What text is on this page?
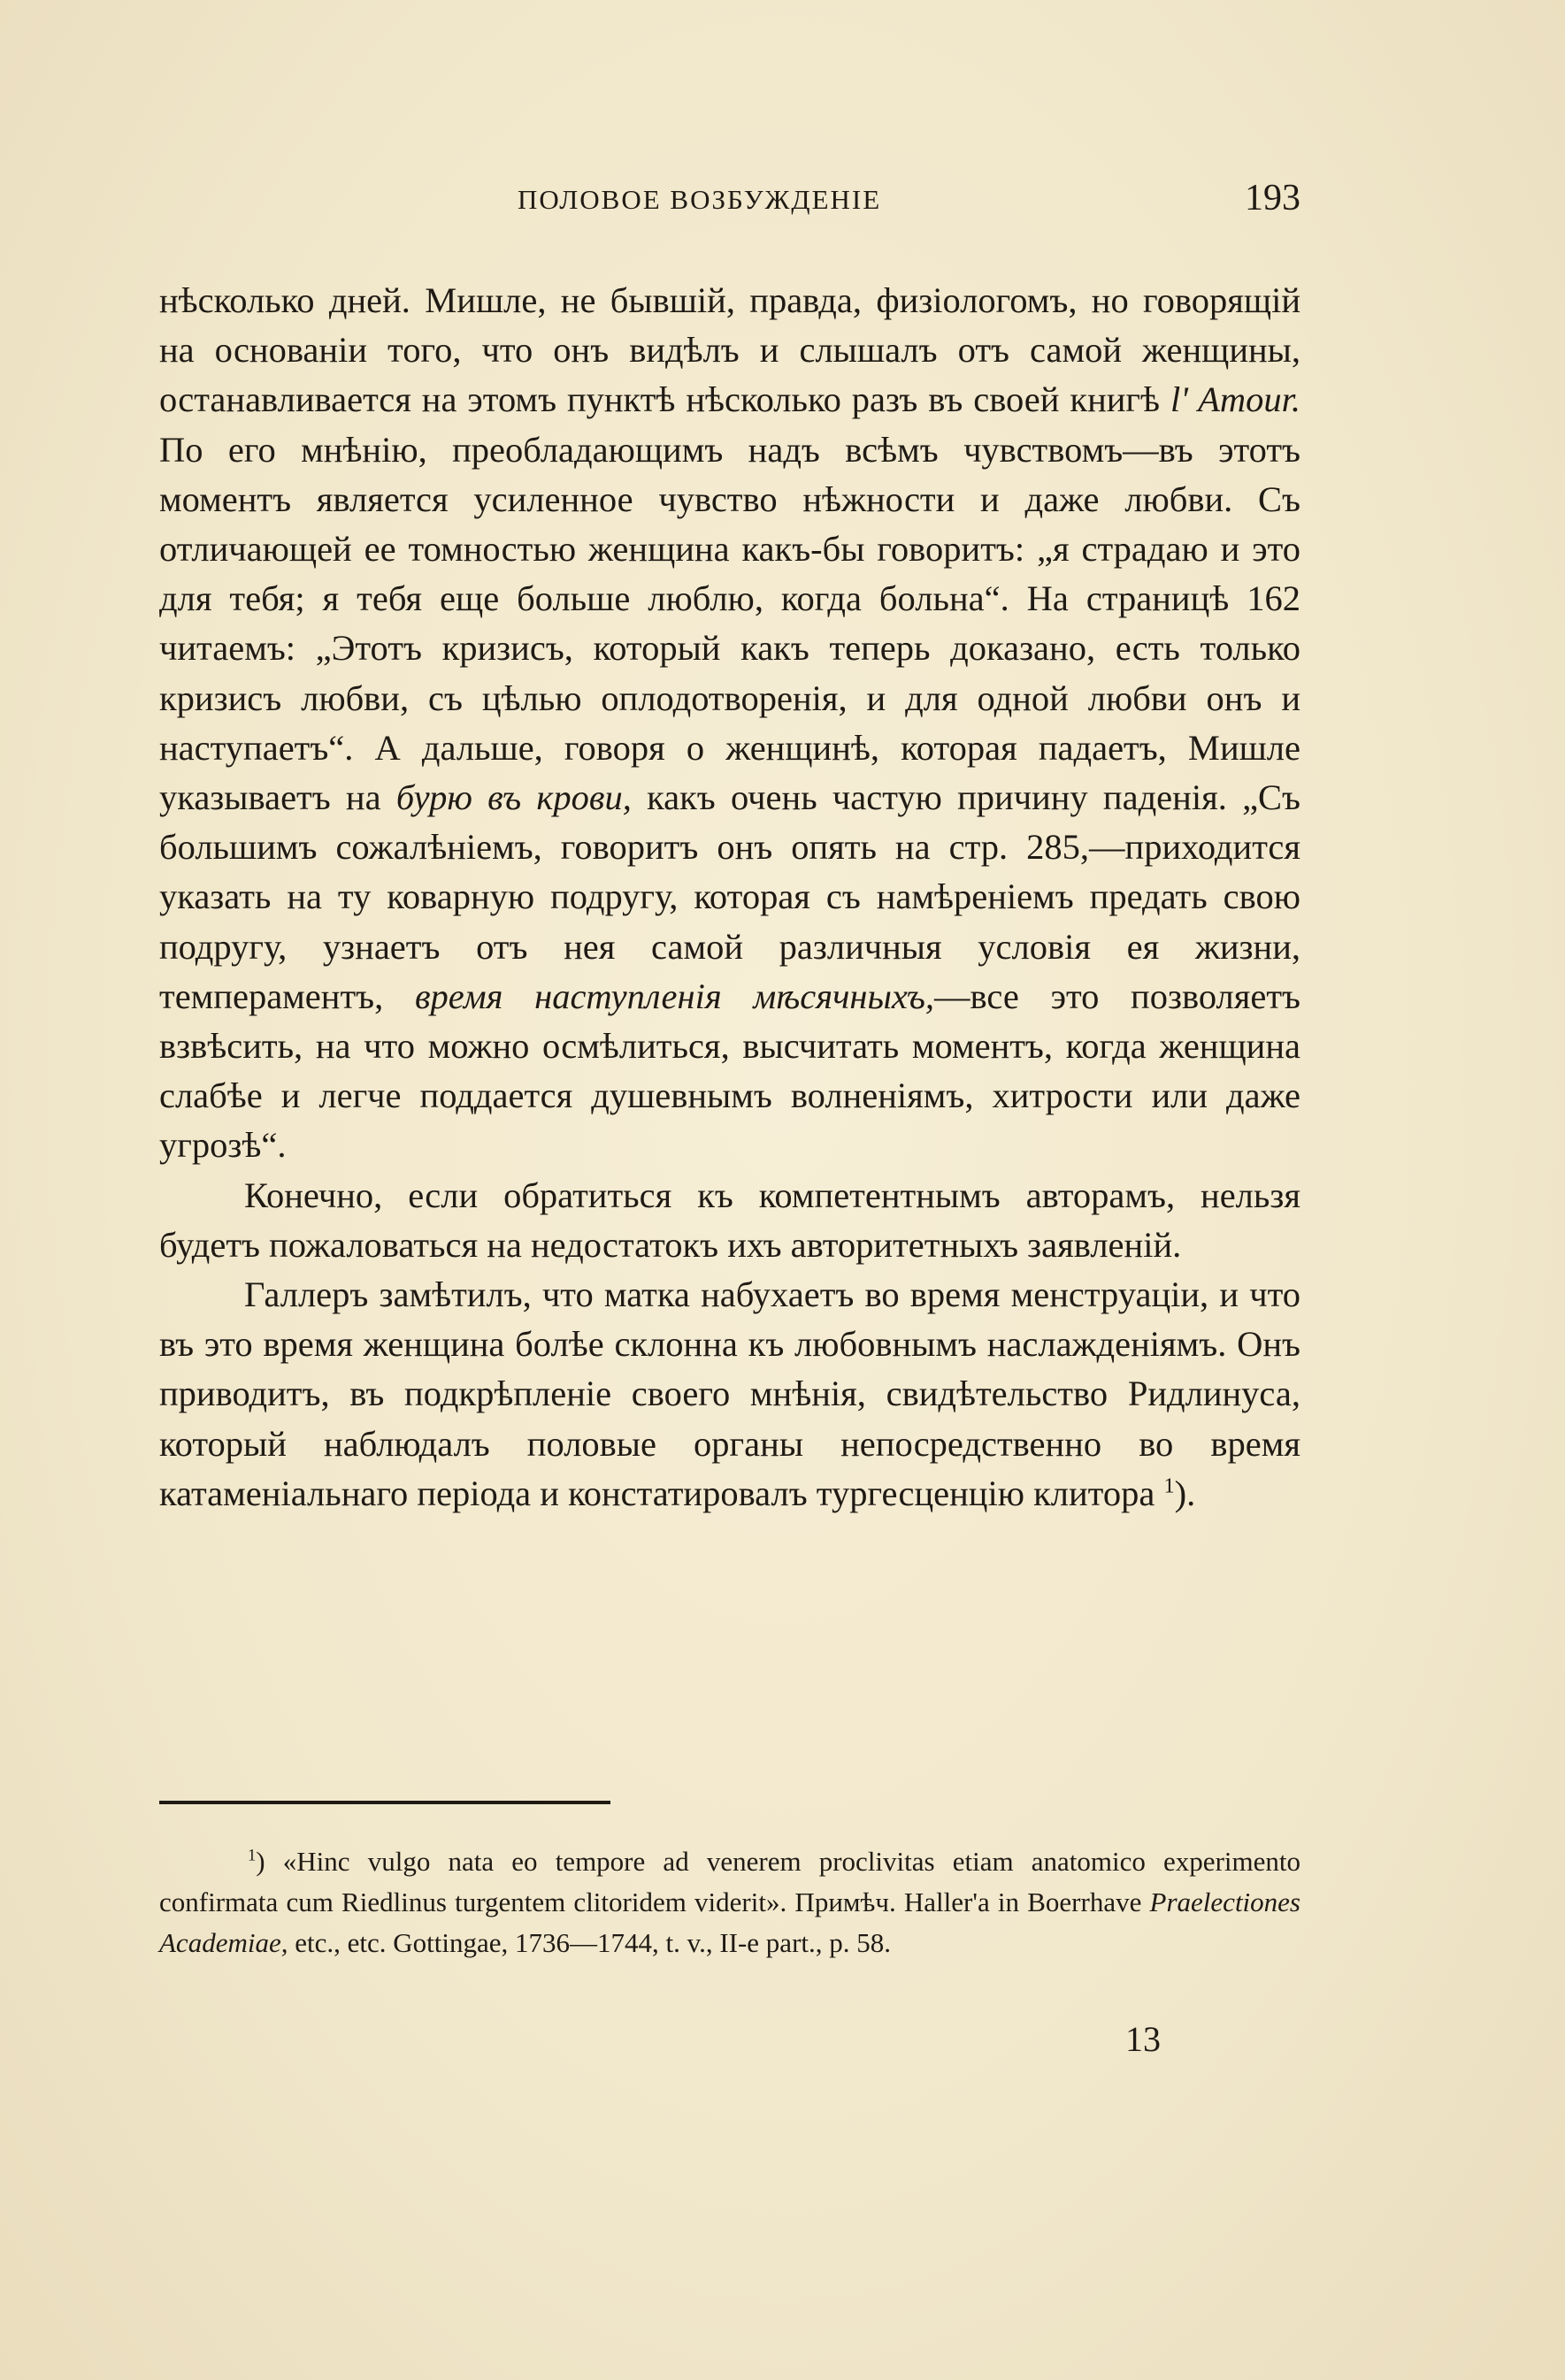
ПОЛОВОЕ ВОЗБУЖДЕНІЕ	193

нѣсколько дней. Мишле, не бывшій, правда, физіологомъ, но говорящій на основаніи того, что онъ видѣлъ и слышалъ отъ самой женщины, останавливается на этомъ пунктѣ нѣсколько разъ въ своей книгѣ l' Amour. По его мнѣнію, преобладающимъ надъ всѣмъ чувствомъ—въ этотъ моментъ является усиленное чувство нѣжности и даже любви. Съ отличающей ее томностью женщина какъ-бы говоритъ: „я страдаю и это для тебя; я тебя еще больше люблю, когда больна“. На страницѣ 162 читаемъ: „Этотъ кризисъ, который какъ теперь доказано, есть только кризисъ любви, съ цѣлью оплодотворенія, и для одной любви онъ и наступаетъ“. А дальше, говоря о женщинѣ, которая падаетъ, Мишле указываетъ на бурю въ крови, какъ очень частую причину паденія. „Съ большимъ сожалѣніемъ, говоритъ онъ опять на стр. 285,—приходится указать на ту коварную подругу, которая съ намѣреніемъ предать свою подругу, узнаетъ отъ нея самой различныя условія ея жизни, темпераментъ, время наступленія мѣсячныхъ,—все это позволяетъ взвѣсить, на что можно осмѣлиться, высчитать моментъ, когда женщина слабѣе и легче поддается душевнымъ волненіямъ, хитрости или даже угрозѣ“.

Конечно, если обратиться къ компетентнымъ авторамъ, нельзя будетъ пожаловаться на недостатокъ ихъ авторитетныхъ заявленій.

Галлеръ замѣтилъ, что матка набухаетъ во время менструаціи, и что въ это время женщина болѣе склонна къ любовнымъ наслажденіямъ. Онъ приводитъ, въ подкрѣпленіе своего мнѣнія, свидѣтельство Ридлинуса, который наблюдалъ половые органы непосредственно во время катаменіальнаго періода и констатировалъ тургесценцію клитора $^1$).

$^1$) «Hinc vulgo nata eo tempore ad venerem proclivitas etiam anatomico experimento confirmata cum Riedlinus turgentem clitoridem viderit». Примѣч. Haller'a in Boerrhave Praelectiones Academiae, etc., etc. Gottingae, 1736—1744, t. v., II-e part., p. 58.
13
